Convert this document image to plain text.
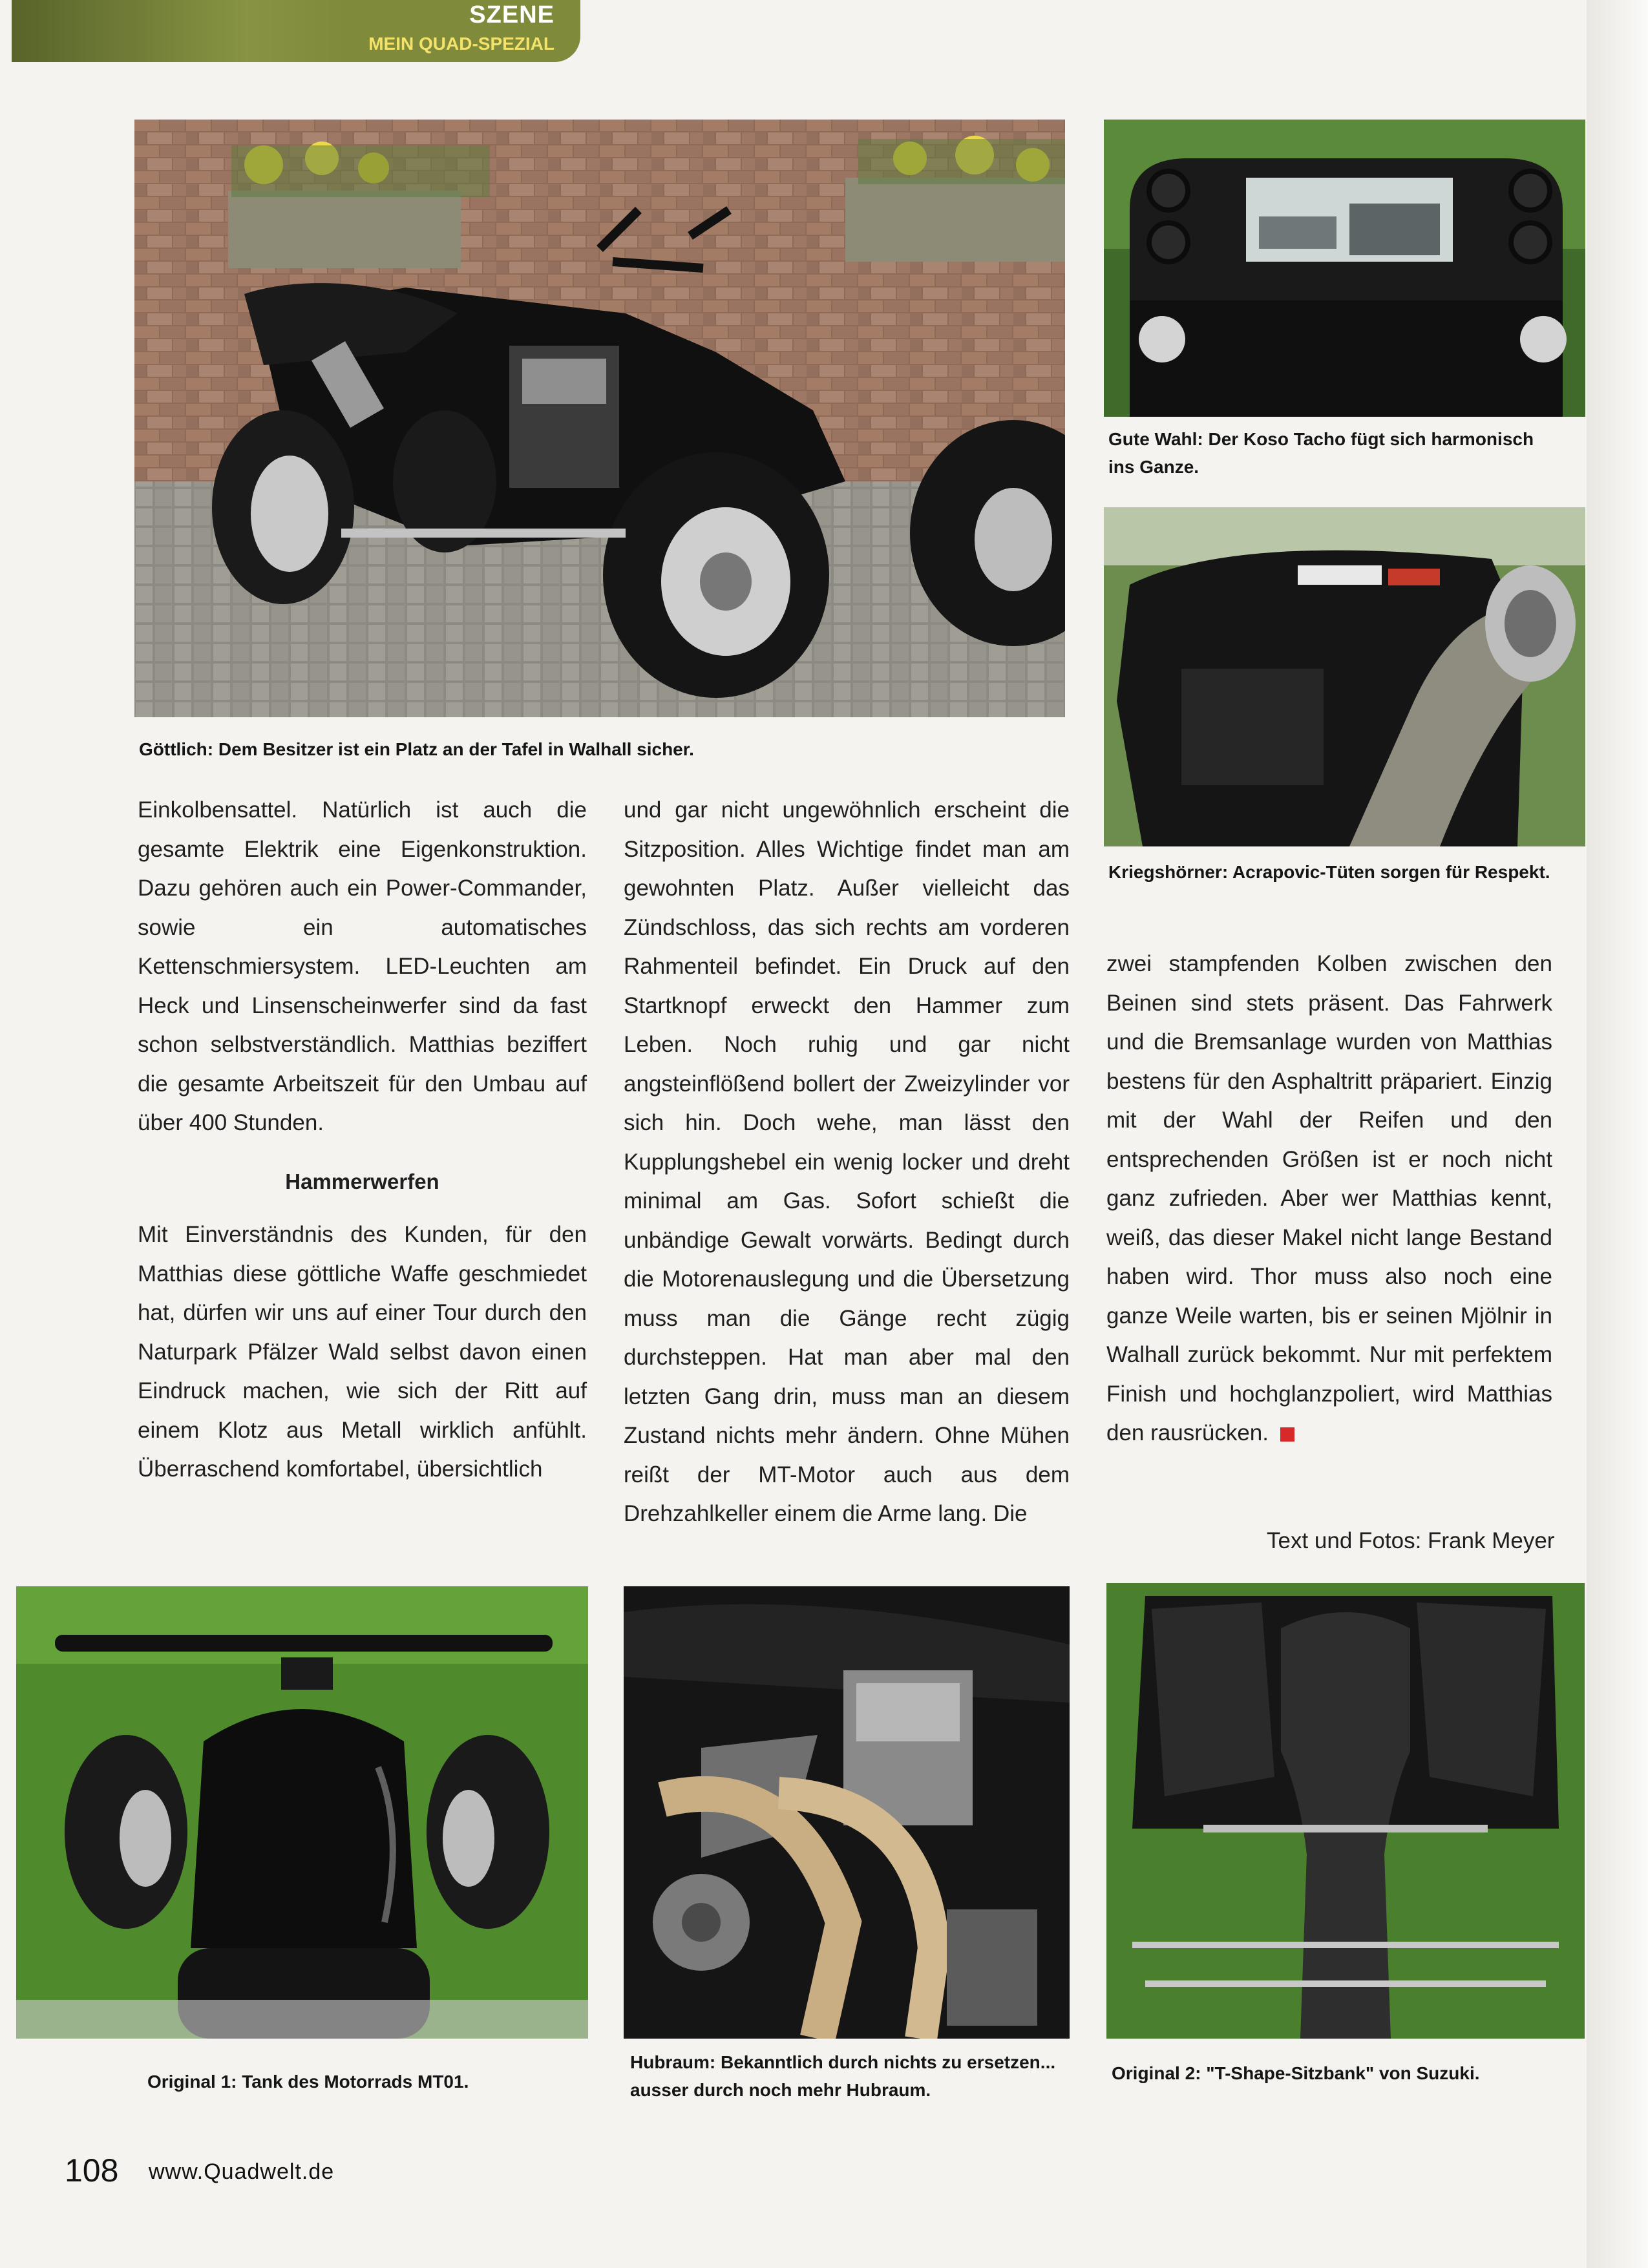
SZENE
MEIN QUAD-SPEZIAL
Göttlich: Dem Besitzer ist ein Platz an der Tafel in Walhall sicher.
Gute Wahl: Der Koso Tacho fügt sich harmonisch ins Ganze.
Kriegshörner: Acrapovic-Tüten sorgen für Respekt.

Einkolbensattel. Natürlich ist auch die gesamte Elektrik eine Eigenkonstruktion. Dazu gehören auch ein Power-Commander, sowie ein automatisches Kettenschmiersystem. LED-Leuchten am Heck und Linsenscheinwerfer sind da fast schon selbstverständlich. Matthias beziffert die gesamte Arbeitszeit für den Umbau auf über 400 Stunden.

Hammerwerfen

Mit Einverständnis des Kunden, für den Matthias diese göttliche Waffe geschmiedet hat, dürfen wir uns auf einer Tour durch den Naturpark Pfälzer Wald selbst davon einen Eindruck machen, wie sich der Ritt auf einem Klotz aus Metall wirklich anfühlt. Überraschend komfortabel, übersichtlich

und gar nicht ungewöhnlich erscheint die Sitzposition. Alles Wichtige findet man am gewohnten Platz. Außer vielleicht das Zündschloss, das sich rechts am vorderen Rahmenteil befindet. Ein Druck auf den Startknopf erweckt den Hammer zum Leben. Noch ruhig und gar nicht angsteinflößend bollert der Zweizylinder vor sich hin. Doch wehe, man lässt den Kupplungshebel ein wenig locker und dreht minimal am Gas. Sofort schießt die unbändige Gewalt vorwärts. Bedingt durch die Motorenauslegung und die Übersetzung muss man die Gänge recht zügig durchsteppen. Hat man aber mal den letzten Gang drin, muss man an diesem Zustand nichts mehr ändern. Ohne Mühen reißt der MT-Motor auch aus dem Drehzahlkeller einem die Arme lang. Die

zwei stampfenden Kolben zwischen den Beinen sind stets präsent. Das Fahrwerk und die Bremsanlage wurden von Matthias bestens für den Asphaltritt präpariert. Einzig mit der Wahl der Reifen und den entsprechenden Größen ist er noch nicht ganz zufrieden. Aber wer Matthias kennt, weiß, das dieser Makel nicht lange Bestand haben wird. Thor muss also noch eine ganze Weile warten, bis er seinen Mjölnir in Walhall zurück bekommt. Nur mit perfektem Finish und hochglanzpoliert, wird Matthias den rausrücken.

Text und Fotos: Frank Meyer
Original 1: Tank des Motorrads MT01.
Hubraum: Bekanntlich durch nichts zu ersetzen... ausser durch noch mehr Hubraum.
Original 2: "T-Shape-Sitzbank" von Suzuki.
108 www.Quadwelt.de
